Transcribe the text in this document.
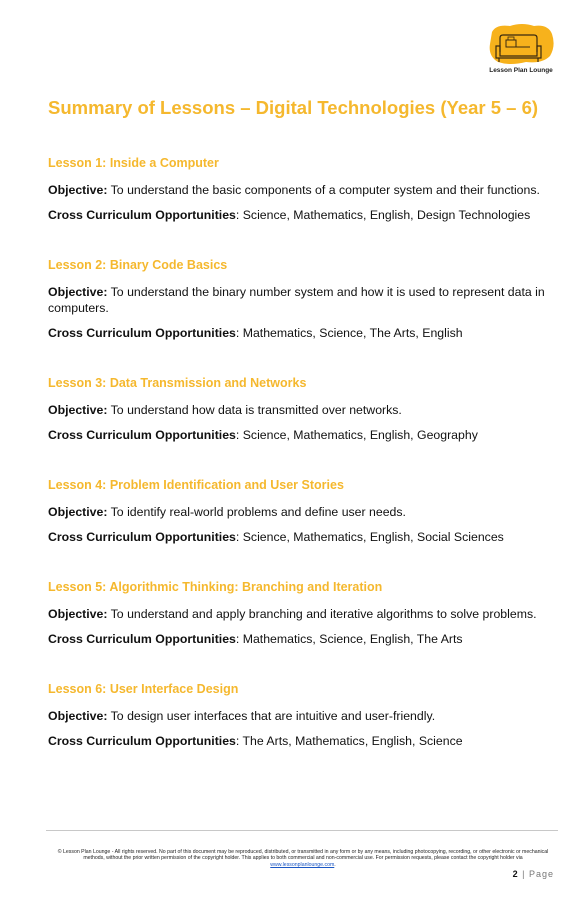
Lesson Plan Lounge
Summary of Lessons – Digital Technologies (Year 5 – 6)
Lesson 1: Inside a Computer
Objective: To understand the basic components of a computer system and their functions.
Cross Curriculum Opportunities: Science, Mathematics, English, Design Technologies
Lesson 2: Binary Code Basics
Objective: To understand the binary number system and how it is used to represent data in computers.
Cross Curriculum Opportunities: Mathematics, Science, The Arts, English
Lesson 3: Data Transmission and Networks
Objective: To understand how data is transmitted over networks.
Cross Curriculum Opportunities: Science, Mathematics, English, Geography
Lesson 4: Problem Identification and User Stories
Objective: To identify real-world problems and define user needs.
Cross Curriculum Opportunities: Science, Mathematics, English, Social Sciences
Lesson 5: Algorithmic Thinking: Branching and Iteration
Objective: To understand and apply branching and iterative algorithms to solve problems.
Cross Curriculum Opportunities: Mathematics, Science, English, The Arts
Lesson 6: User Interface Design
Objective: To design user interfaces that are intuitive and user-friendly.
Cross Curriculum Opportunities: The Arts, Mathematics, English, Science
© Lesson Plan Lounge - All rights reserved. No part of this document may be reproduced, distributed, or transmitted in any form or by any means, including photocopying, recording, or other electronic or mechanical methods, without the prior written permission of the copyright holder. This applies to both commercial and non-commercial use. For permission requests, please contact the copyright holder via www.lessonplanlounge.com.
2 | Page
